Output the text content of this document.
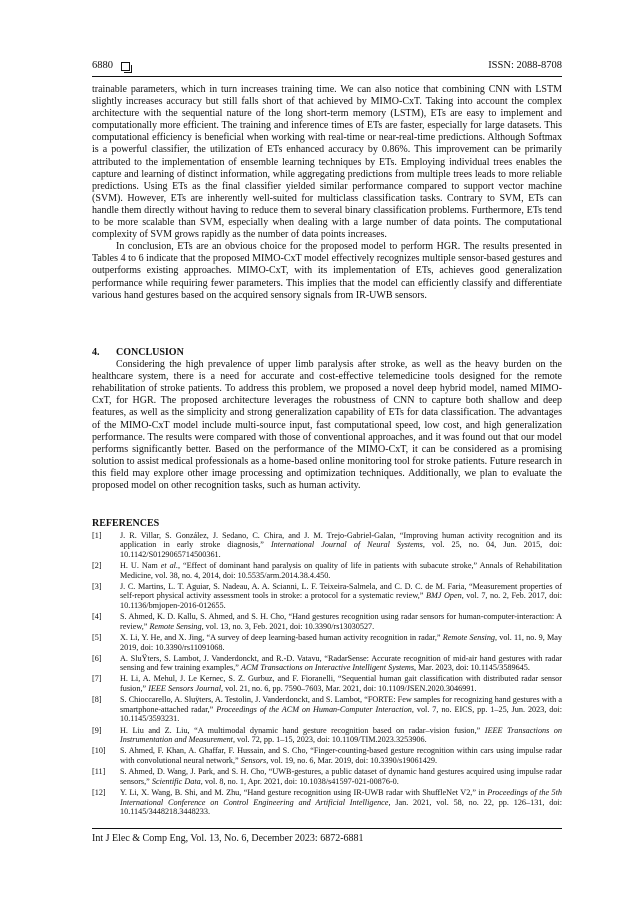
6880	ISSN: 2088-8708

trainable parameters, which in turn increases training time. We can also notice that combining CNN with LSTM slightly increases accuracy but still falls short of that achieved by MIMO-CxT. Taking into account the complex architecture with the sequential nature of the long short-term memory (LSTM), ETs are easy to implement and computationally more efficient. The training and inference times of ETs are faster, especially for large datasets. This computational efficiency is beneficial when working with real-time or near-real-time predictions. Although Softmax is a powerful classifier, the utilization of ETs enhanced accuracy by 0.86%. This improvement can be primarily attributed to the implementation of ensemble learning techniques by ETs. Employing individual trees enables the capture and learning of distinct information, while aggregating predictions from multiple trees leads to more reliable predictions. Using ETs as the final classifier yielded similar performance compared to support vector machine (SVM). However, ETs are inherently well-suited for multiclass classification tasks. Contrary to SVM, ETs can handle them directly without having to reduce them to several binary classification problems. Furthermore, ETs tend to be more scalable than SVM, especially when dealing with a large number of data points. The computational complexity of SVM grows rapidly as the number of data points increases.

In conclusion, ETs are an obvious choice for the proposed model to perform HGR. The results presented in Tables 4 to 6 indicate that the proposed MIMO-CxT model effectively recognizes multiple sensor-based gestures and outperforms existing approaches. MIMO-CxT, with its implementation of ETs, achieves good generalization performance while requiring fewer parameters. This implies that the model can efficiently classify and differentiate various hand gestures based on the acquired sensory signals from IR-UWB sensors.

4. CONCLUSION

Considering the high prevalence of upper limb paralysis after stroke, as well as the heavy burden on the healthcare system, there is a need for accurate and cost-effective telemedicine tools designed for the remote rehabilitation of stroke patients. To address this problem, we proposed a novel deep hybrid model, named MIMO-CxT, for HGR. The proposed architecture leverages the robustness of CNN to capture both shallow and deep features, as well as the simplicity and strong generalization capability of ETs for data classification. The advantages of the MIMO-CxT model include multi-source input, fast computational speed, low cost, and high generalization performance. The results were compared with those of conventional approaches, and it was found out that our model performs significantly better. Based on the performance of the MIMO-CxT, it can be considered as a promising solution to assist medical professionals as a home-based online monitoring tool for stroke patients. Future research in this field may explore other image processing and optimization techniques. Additionally, we plan to evaluate the proposed model on other recognition tasks, such as human activity.

REFERENCES
[1] J. R. Villar, S. González, J. Sedano, C. Chira, and J. M. Trejo-Gabriel-Galan, “Improving human activity recognition and its application in early stroke diagnosis,” International Journal of Neural Systems, vol. 25, no. 04, Jun. 2015, doi: 10.1142/S0129065714500361.
[2] H. U. Nam et al., “Effect of dominant hand paralysis on quality of life in patients with subacute stroke,” Annals of Rehabilitation Medicine, vol. 38, no. 4, 2014, doi: 10.5535/arm.2014.38.4.450.
[3] J. C. Martins, L. T. Aguiar, S. Nadeau, A. A. Scianni, L. F. Teixeira-Salmela, and C. D. C. de M. Faria, “Measurement properties of self-report physical activity assessment tools in stroke: a protocol for a systematic review,” BMJ Open, vol. 7, no. 2, Feb. 2017, doi: 10.1136/bmjopen-2016-012655.
[4] S. Ahmed, K. D. Kallu, S. Ahmed, and S. H. Cho, “Hand gestures recognition using radar sensors for human-computer-interaction: A review,” Remote Sensing, vol. 13, no. 3, Feb. 2021, doi: 10.3390/rs13030527.
[5] X. Li, Y. He, and X. Jing, “A survey of deep learning-based human activity recognition in radar,” Remote Sensing, vol. 11, no. 9, May 2019, doi: 10.3390/rs11091068.
[6] A. SluŸters, S. Lambot, J. Vanderdonckt, and R.-D. Vatavu, “RadarSense: Accurate recognition of mid-air hand gestures with radar sensing and few training examples,” ACM Transactions on Interactive Intelligent Systems, Mar. 2023, doi: 10.1145/3589645.
[7] H. Li, A. Mehul, J. Le Kernec, S. Z. Gurbuz, and F. Fioranelli, “Sequential human gait classification with distributed radar sensor fusion,” IEEE Sensors Journal, vol. 21, no. 6, pp. 7590–7603, Mar. 2021, doi: 10.1109/JSEN.2020.3046991.
[8] S. Chioccarello, A. Sluÿters, A. Testolin, J. Vanderdonckt, and S. Lambot, “FORTE: Few samples for recognizing hand gestures with a smartphone-attached radar,” Proceedings of the ACM on Human-Computer Interaction, vol. 7, no. EICS, pp. 1–25, Jun. 2023, doi: 10.1145/3593231.
[9] H. Liu and Z. Liu, “A multimodal dynamic hand gesture recognition based on radar–vision fusion,” IEEE Transactions on Instrumentation and Measurement, vol. 72, pp. 1–15, 2023, doi: 10.1109/TIM.2023.3253906.
[10] S. Ahmed, F. Khan, A. Ghaffar, F. Hussain, and S. Cho, “Finger-counting-based gesture recognition within cars using impulse radar with convolutional neural network,” Sensors, vol. 19, no. 6, Mar. 2019, doi: 10.3390/s19061429.
[11] S. Ahmed, D. Wang, J. Park, and S. H. Cho, “UWB-gestures, a public dataset of dynamic hand gestures acquired using impulse radar sensors,” Scientific Data, vol. 8, no. 1, Apr. 2021, doi: 10.1038/s41597-021-00876-0.
[12] Y. Li, X. Wang, B. Shi, and M. Zhu, “Hand gesture recognition using IR-UWB radar with ShuffleNet V2,” in Proceedings of the 5th International Conference on Control Engineering and Artificial Intelligence, Jan. 2021, vol. 58, no. 22, pp. 126–131, doi: 10.1145/3448218.3448233.
Int J Elec & Comp Eng, Vol. 13, No. 6, December 2023: 6872-6881
